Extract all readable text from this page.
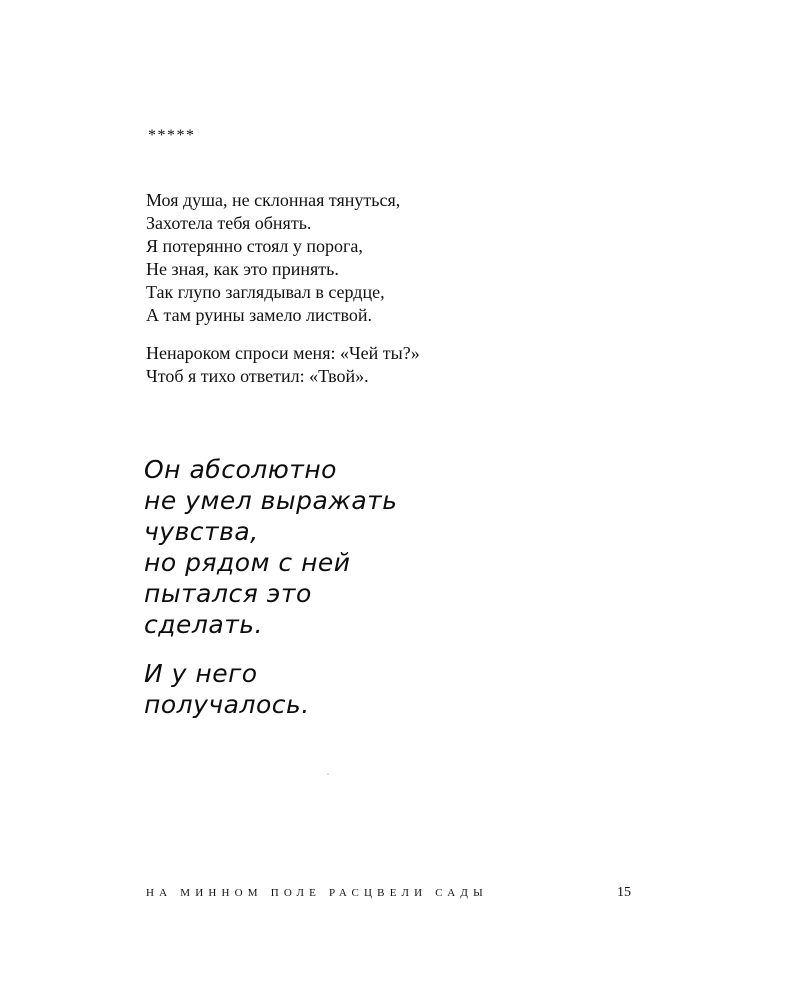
*****
Моя душа, не склонная тянуться,
Захотела тебя обнять.
Я потерянно стоял у порога,
Не зная, как это принять.
Так глупо заглядывал в сердце,
А там руины замело листвой.
Ненароком спроси меня: «Чей ты?»
Чтоб я тихо ответил: «Твой».
Он абсолютно
не умел выражать
чувства,
но рядом с ней
пытался это
сделать.
И у него
получалось.
НА МИННОМ ПОЛЕ РАСЦВЕЛИ САДЫ	15
